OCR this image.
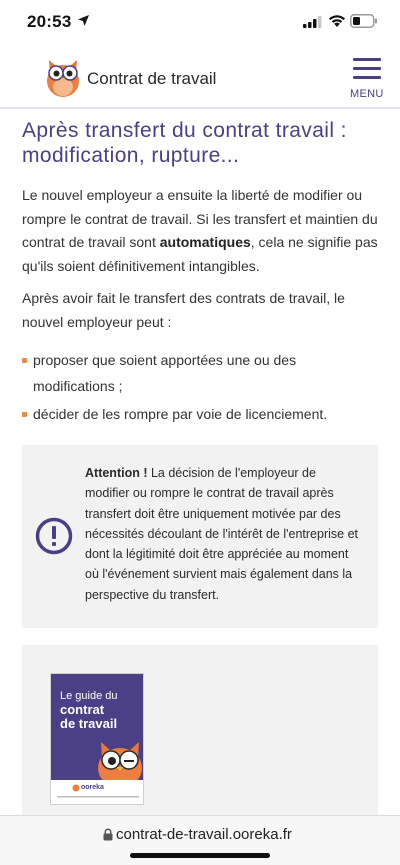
20:53
Contrat de travail
MENU
Après transfert du contrat travail : modification, rupture...

Le nouvel employeur a ensuite la liberté de modifier ou rompre le contrat de travail. Si les transfert et maintien du contrat de travail sont automatiques, cela ne signifie pas qu'ils soient définitivement intangibles.

Après avoir fait le transfert des contrats de travail, le nouvel employeur peut :

proposer que soient apportées une ou des modifications ;
décider de les rompre par voie de licenciement.

Attention ! La décision de l'employeur de modifier ou rompre le contrat de travail après transfert doit être uniquement motivée par des nécessités découlant de l'intérêt de l'entreprise et dont la légitimité doit être appréciée au moment où l'événement survient mais également dans la perspective du transfert.

Le guide du
contrat
de travail
ooreka
contrat-de-travail.ooreka.fr
